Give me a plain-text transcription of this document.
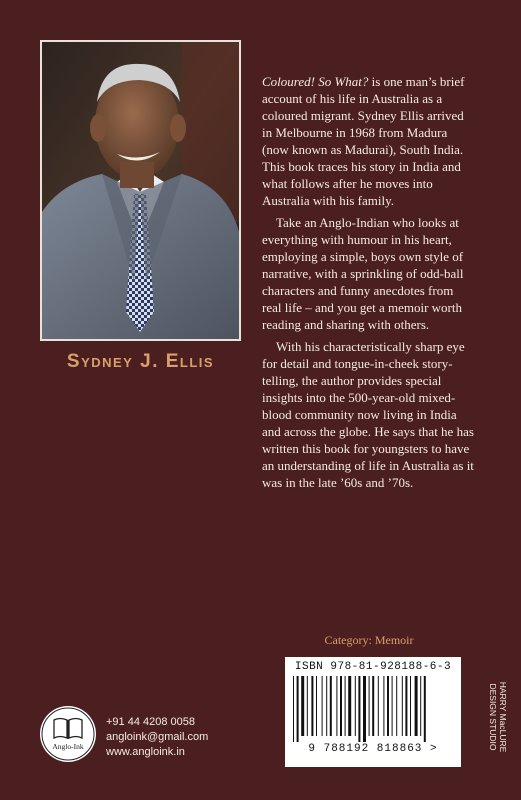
Sydney J. Ellis

Coloured! So What? is one man’s brief account of his life in Australia as a coloured migrant. Sydney Ellis arrived in Melbourne in 1968 from Madura (now known as Madurai), South India. This book traces his story in India and what follows after he moves into Australia with his family.

Take an Anglo-Indian who looks at everything with humour in his heart, employing a simple, boys own style of narrative, with a sprinkling of odd-ball characters and funny anecdotes from real life – and you get a memoir worth reading and sharing with others.

With his characteristically sharp eye for detail and tongue-in-cheek story-telling, the author provides special insights into the 500-year-old mixed-blood community now living in India and across the globe. He says that he has written this book for youngsters to have an understanding of life in Australia as it was in the late ’60s and ’70s.

Category: Memoir
ISBN 978-81-928188-6-3
9 788192 818863 >	HARRY MacLURE
DESIGN STUDIO
Anglo-Ink
+91 44 4208 0058
angloink@gmail.com
www.angloink.in
